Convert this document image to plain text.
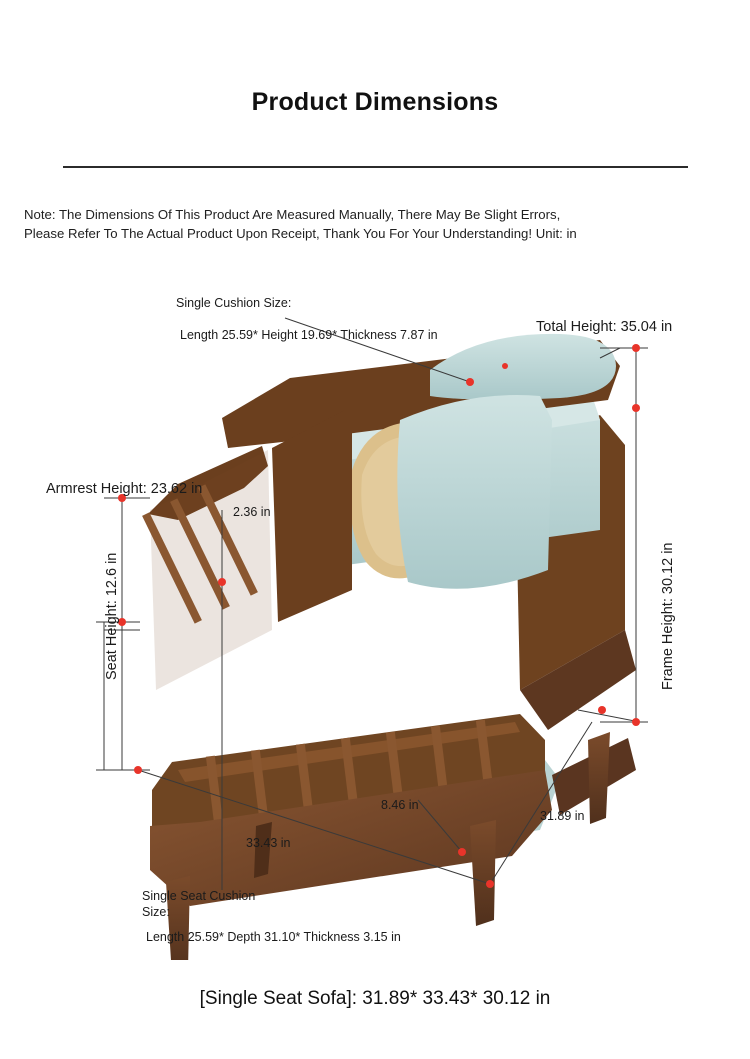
Product Dimensions
Note: The Dimensions Of This Product Are Measured Manually, There May Be Slight Errors,
Please Refer To The Actual Product Upon Receipt, Thank You For Your Understanding! Unit: in
Single Cushion Size:
Length 25.59* Height 19.69* Thickness 7.87 in	Total Height: 35.04 in
Frame Height: 30.12 in
Armrest Height: 23.62 in
2.36 in
Seat Height: 12.6 in
8.46 in
31.89 in
33.43 in
Single Seat Cushion
Size:
Length 25.59* Depth 31.10* Thickness 3.15 in
[Single Seat Sofa]: 31.89* 33.43* 30.12 in
